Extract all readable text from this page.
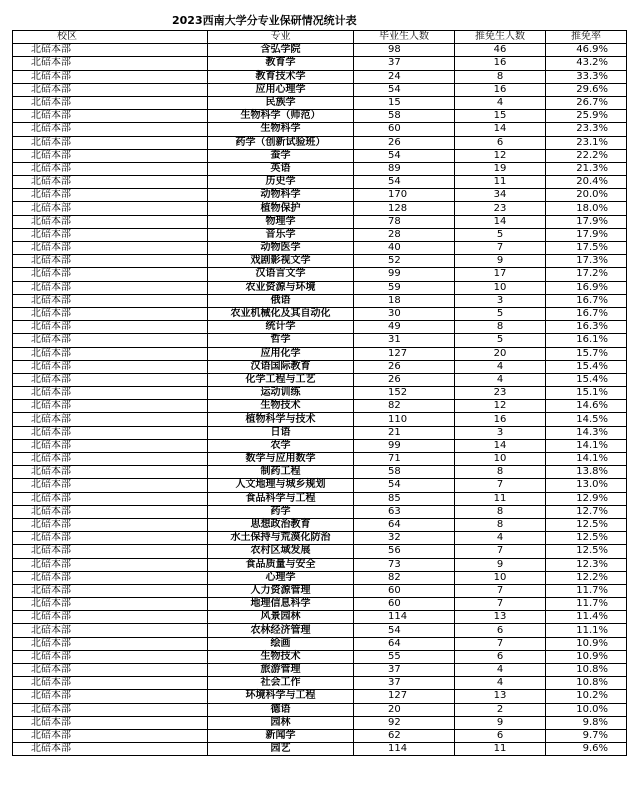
2023西南大学分专业保研情况统计表
校区	专业	毕业生人数	推免生人数	推免率
北碚本部	含弘学院	98	46	46.9%
北碚本部	教育学	37	16	43.2%
北碚本部	教育技术学	24	8	33.3%
北碚本部	应用心理学	54	16	29.6%
北碚本部	民族学	15	4	26.7%
北碚本部	生物科学（师范）	58	15	25.9%
北碚本部	生物科学	60	14	23.3%
北碚本部	药学（创新试验班）	26	6	23.1%
北碚本部	蚕学	54	12	22.2%
北碚本部	英语	89	19	21.3%
北碚本部	历史学	54	11	20.4%
北碚本部	动物科学	170	34	20.0%
北碚本部	植物保护	128	23	18.0%
北碚本部	物理学	78	14	17.9%
北碚本部	音乐学	28	5	17.9%
北碚本部	动物医学	40	7	17.5%
北碚本部	戏剧影视文学	52	9	17.3%
北碚本部	汉语言文学	99	17	17.2%
北碚本部	农业资源与环境	59	10	16.9%
北碚本部	俄语	18	3	16.7%
北碚本部	农业机械化及其自动化	30	5	16.7%
北碚本部	统计学	49	8	16.3%
北碚本部	哲学	31	5	16.1%
北碚本部	应用化学	127	20	15.7%
北碚本部	汉语国际教育	26	4	15.4%
北碚本部	化学工程与工艺	26	4	15.4%
北碚本部	运动训练	152	23	15.1%
北碚本部	生物技术	82	12	14.6%
北碚本部	植物科学与技术	110	16	14.5%
北碚本部	日语	21	3	14.3%
北碚本部	农学	99	14	14.1%
北碚本部	数学与应用数学	71	10	14.1%
北碚本部	制药工程	58	8	13.8%
北碚本部	人文地理与城乡规划	54	7	13.0%
北碚本部	食品科学与工程	85	11	12.9%
北碚本部	药学	63	8	12.7%
北碚本部	思想政治教育	64	8	12.5%
北碚本部	水土保持与荒漠化防治	32	4	12.5%
北碚本部	农村区域发展	56	7	12.5%
北碚本部	食品质量与安全	73	9	12.3%
北碚本部	心理学	82	10	12.2%
北碚本部	人力资源管理	60	7	11.7%
北碚本部	地理信息科学	60	7	11.7%
北碚本部	风景园林	114	13	11.4%
北碚本部	农林经济管理	54	6	11.1%
北碚本部	绘画	64	7	10.9%
北碚本部	生物技术	55	6	10.9%
北碚本部	旅游管理	37	4	10.8%
北碚本部	社会工作	37	4	10.8%
北碚本部	环境科学与工程	127	13	10.2%
北碚本部	德语	20	2	10.0%
北碚本部	园林	92	9	9.8%
北碚本部	新闻学	62	6	9.7%
北碚本部	园艺	114	11	9.6%
